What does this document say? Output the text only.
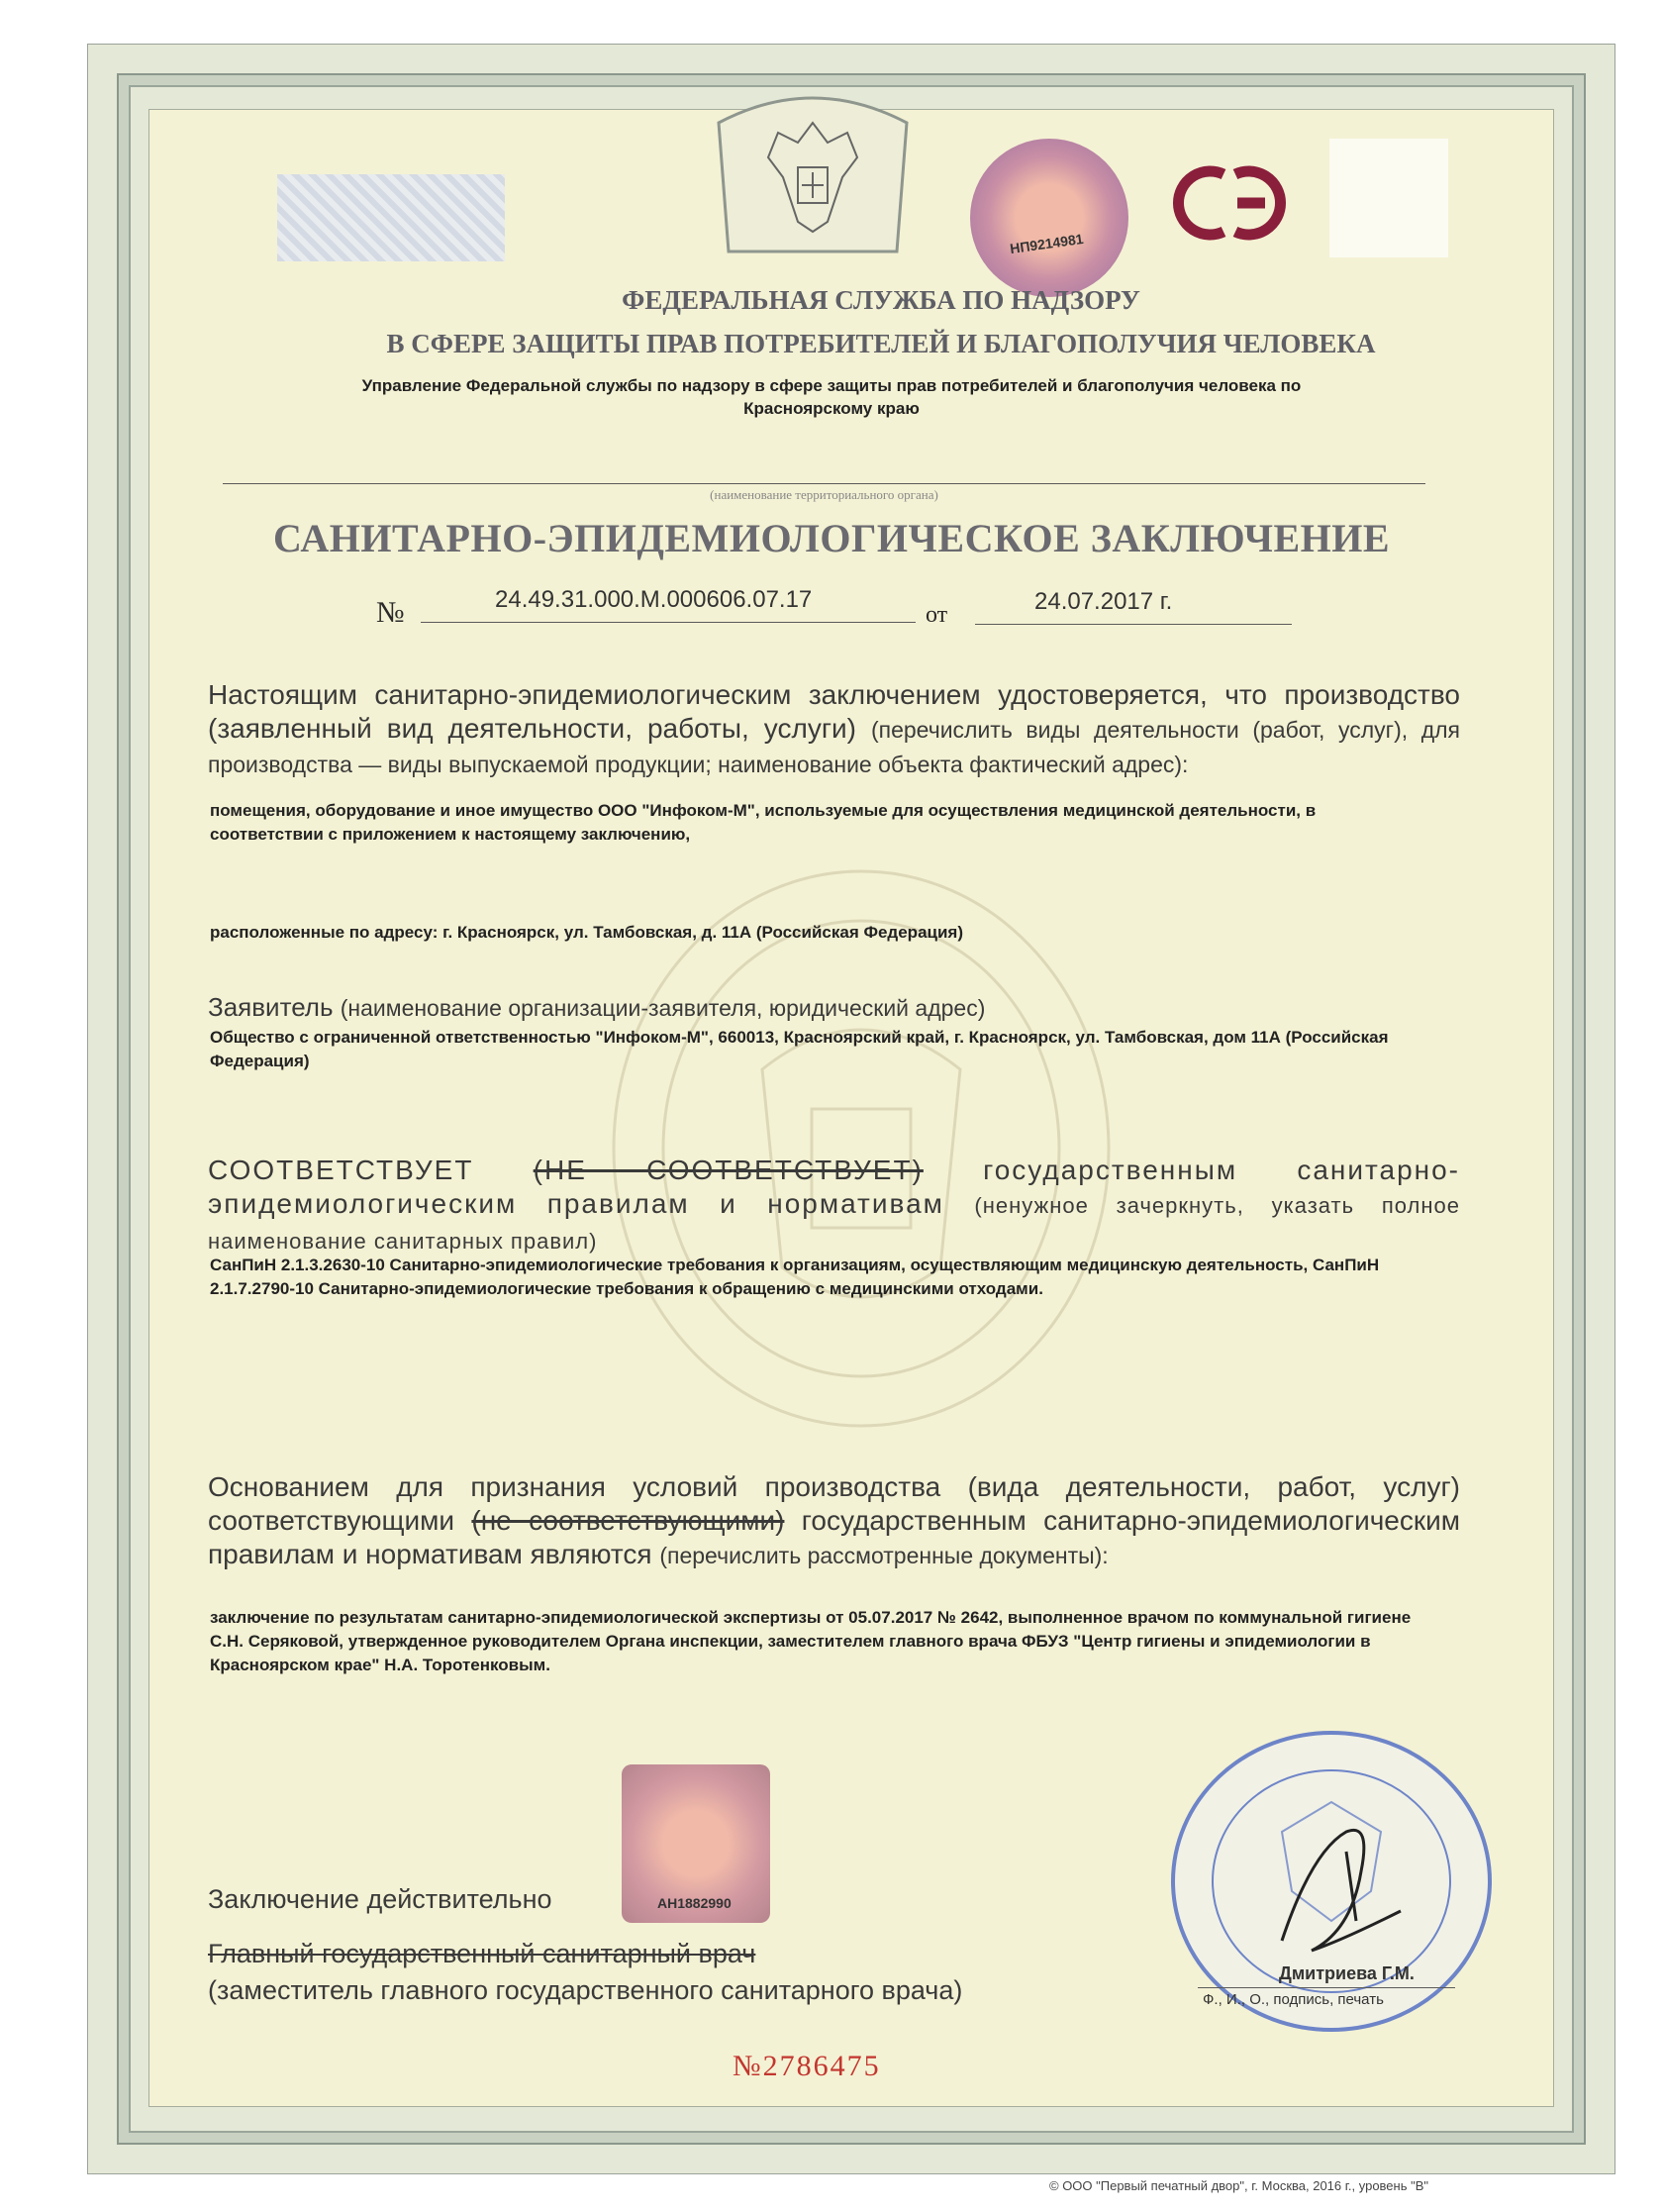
НП9214981
ФЕДЕРАЛЬНАЯ СЛУЖБА ПО НАДЗОРУ
В СФЕРЕ ЗАЩИТЫ ПРАВ ПОТРЕБИТЕЛЕЙ И БЛАГОПОЛУЧИЯ ЧЕЛОВЕКА
Управление Федеральной службы по надзору в сфере защиты прав потребителей и благополучия человека по
Красноярскому краю
(наименование территориального органа)
САНИТАРНО-ЭПИДЕМИОЛОГИЧЕСКОЕ ЗАКЛЮЧЕНИЕ
№	24.49.31.000.М.000606.07.17
от	24.07.2017 г.
Настоящим санитарно-эпидемиологическим заключением удостоверяется, что производство (заявленный вид деятельности, работы, услуги) (перечислить виды деятельности (работ, услуг), для производства — виды выпускаемой продукции; наименование объекта фактический адрес):
помещения, оборудование и иное имущество ООО "Инфоком-М", используемые для осуществления медицинской деятельности, в соответствии с приложением к настоящему заключению,
расположенные по адресу: г. Красноярск, ул. Тамбовская, д. 11А (Российская Федерация)
Заявитель (наименование организации-заявителя, юридический адрес)
Общество с ограниченной ответственностью "Инфоком-М", 660013, Красноярский край, г. Красноярск, ул. Тамбовская, дом 11А (Российская Федерация)
СООТВЕТСТВУЕТ (НЕ СООТВЕТСТВУЕТ) государственным санитарно-эпидемиологическим правилам и нормативам (ненужное зачеркнуть, указать полное наименование санитарных правил)
СанПиН 2.1.3.2630-10 Санитарно-эпидемиологические требования к организациям, осуществляющим медицинскую деятельность, СанПиН 2.1.7.2790-10 Санитарно-эпидемиологические требования к обращению с медицинскими отходами.
Основанием для признания условий производства (вида деятельности, работ, услуг) соответствующими (не соответствующими) государственным санитарно-эпидемиологическим правилам и нормативам являются (перечислить рассмотренные документы):
заключение по результатам санитарно-эпидемиологической экспертизы от 05.07.2017 № 2642, выполненное врачом по коммунальной гигиене С.Н. Серяковой, утвержденное руководителем Органа инспекции, заместителем главного врача ФБУЗ "Центр гигиены и эпидемиологии в Красноярском крае" Н.А. Торотенковым.
АН1882990
Заключение действительно
Главный государственный санитарный врач
(заместитель главного государственного санитарного врача)
Дмитриева Г.М.
Ф., И., О., подпись, печать
№2786475
© ООО "Первый печатный двор", г. Москва, 2016 г., уровень "В"
